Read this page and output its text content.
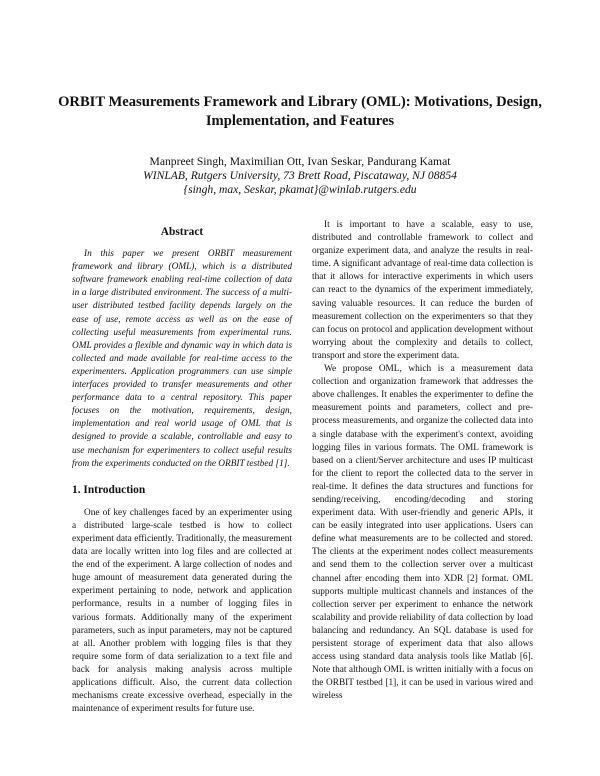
ORBIT Measurements Framework and Library (OML): Motivations, Design, Implementation, and Features
Manpreet Singh, Maximilian Ott, Ivan Seskar, Pandurang Kamat
WINLAB, Rutgers University, 73 Brett Road, Piscataway, NJ 08854
{singh, max, Seskar, pkamat}@winlab.rutgers.edu
Abstract

In this paper we present ORBIT measurement framework and library (OML), which is a distributed software framework enabling real-time collection of data in a large distributed environment. The success of a multi-user distributed testbed facility depends largely on the ease of use, remote access as well as on the ease of collecting useful measurements from experimental runs. OML provides a flexible and dynamic way in which data is collected and made available for real-time access to the experimenters. Application programmers can use simple interfaces provided to transfer measurements and other performance data to a central repository. This paper focuses on the motivation, requirements, design, implementation and real world usage of OML that is designed to provide a scalable, controllable and easy to use mechanism for experimenters to collect useful results from the experiments conducted on the ORBIT testbed [1].

1. Introduction

One of key challenges faced by an experimenter using a distributed large-scale testbed is how to collect experiment data efficiently. Traditionally, the measurement data are locally written into log files and are collected at the end of the experiment. A large collection of nodes and huge amount of measurement data generated during the experiment pertaining to node, network and application performance, results in a number of logging files in various formats. Additionally many of the experiment parameters, such as input parameters, may not be captured at all. Another problem with logging files is that they require some form of data serialization to a text file and back for analysis making analysis across multiple applications difficult. Also, the current data collection mechanisms create excessive overhead, especially in the maintenance of experiment results for future use.

It is important to have a scalable, easy to use, distributed and controllable framework to collect and organize experiment data, and analyze the results in real-time. A significant advantage of real-time data collection is that it allows for interactive experiments in which users can react to the dynamics of the experiment immediately, saving valuable resources. It can reduce the burden of measurement collection on the experimenters so that they can focus on protocol and application development without worrying about the complexity and details to collect, transport and store the experiment data.

We propose OML, which is a measurement data collection and organization framework that addresses the above challenges. It enables the experimenter to define the measurement points and parameters, collect and pre-process measurements, and organize the collected data into a single database with the experiment's context, avoiding logging files in various formats. The OML framework is based on a client/Server architecture and uses IP multicast for the client to report the collected data to the server in real-time. It defines the data structures and functions for sending/receiving, encoding/decoding and storing experiment data. With user-friendly and generic APIs, it can be easily integrated into user applications. Users can define what measurements are to be collected and stored. The clients at the experiment nodes collect measurements and send them to the collection server over a multicast channel after encoding them into XDR [2] format. OML supports multiple multicast channels and instances of the collection server per experiment to enhance the network scalability and provide reliability of data collection by load balancing and redundancy. An SQL database is used for persistent storage of experiment data that also allows access using standard data analysis tools like Matlab [6]. Note that although OML is written initially with a focus on the ORBIT testbed [1], it can be used in various wired and wireless
